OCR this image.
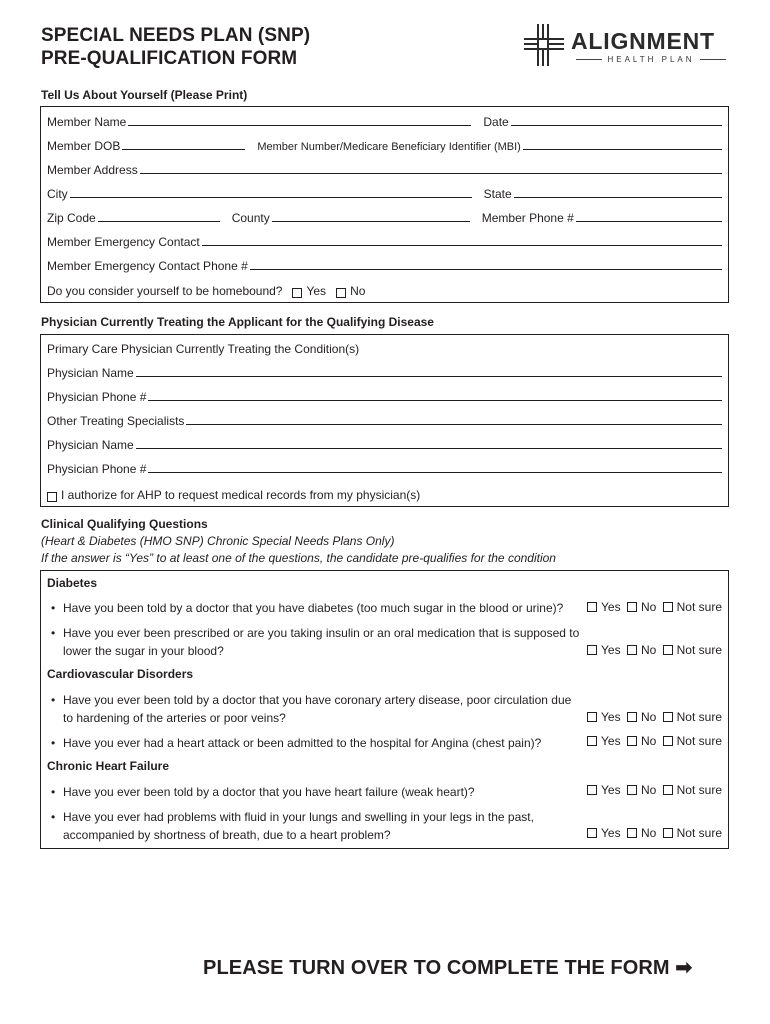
SPECIAL NEEDS PLAN (SNP)
PRE-QUALIFICATION FORM
ALIGNMENT
HEALTH PLAN
Tell Us About Yourself (Please Print)
Member Name	Date
Member DOB	Member Number/Medicare Beneficiary Identifier (MBI)
Member Address
City	State
Zip Code	County	Member Phone #
Member Emergency Contact
Member Emergency Contact Phone #
Do you consider yourself to be homebound? Yes No
Physician Currently Treating the Applicant for the Qualifying Disease
Primary Care Physician Currently Treating the Condition(s)
Physician Name
Physician Phone #
Other Treating Specialists
Physician Name
Physician Phone #
I authorize for AHP to request medical records from my physician(s)
Clinical Qualifying Questions
(Heart & Diabetes (HMO SNP) Chronic Special Needs Plans Only)
If the answer is “Yes” to at least one of the questions, the candidate pre-qualifies for the condition
Diabetes
• Have you been told by a doctor that you have diabetes (too much sugar in the blood or urine)?	Yes No Not sure
• Have you ever been prescribed or are you taking insulin or an oral medication that is supposed to lower the sugar in your blood?	Yes No Not sure
Cardiovascular Disorders
• Have you ever been told by a doctor that you have coronary artery disease, poor circulation due to hardening of the arteries or poor veins?	Yes No Not sure
• Have you ever had a heart attack or been admitted to the hospital for Angina (chest pain)?	Yes No Not sure
Chronic Heart Failure
• Have you ever been told by a doctor that you have heart failure (weak heart)?	Yes No Not sure
• Have you ever had problems with fluid in your lungs and swelling in your legs in the past, accompanied by shortness of breath, due to a heart problem?	Yes No Not sure
PLEASE TURN OVER TO COMPLETE THE FORM ➡
